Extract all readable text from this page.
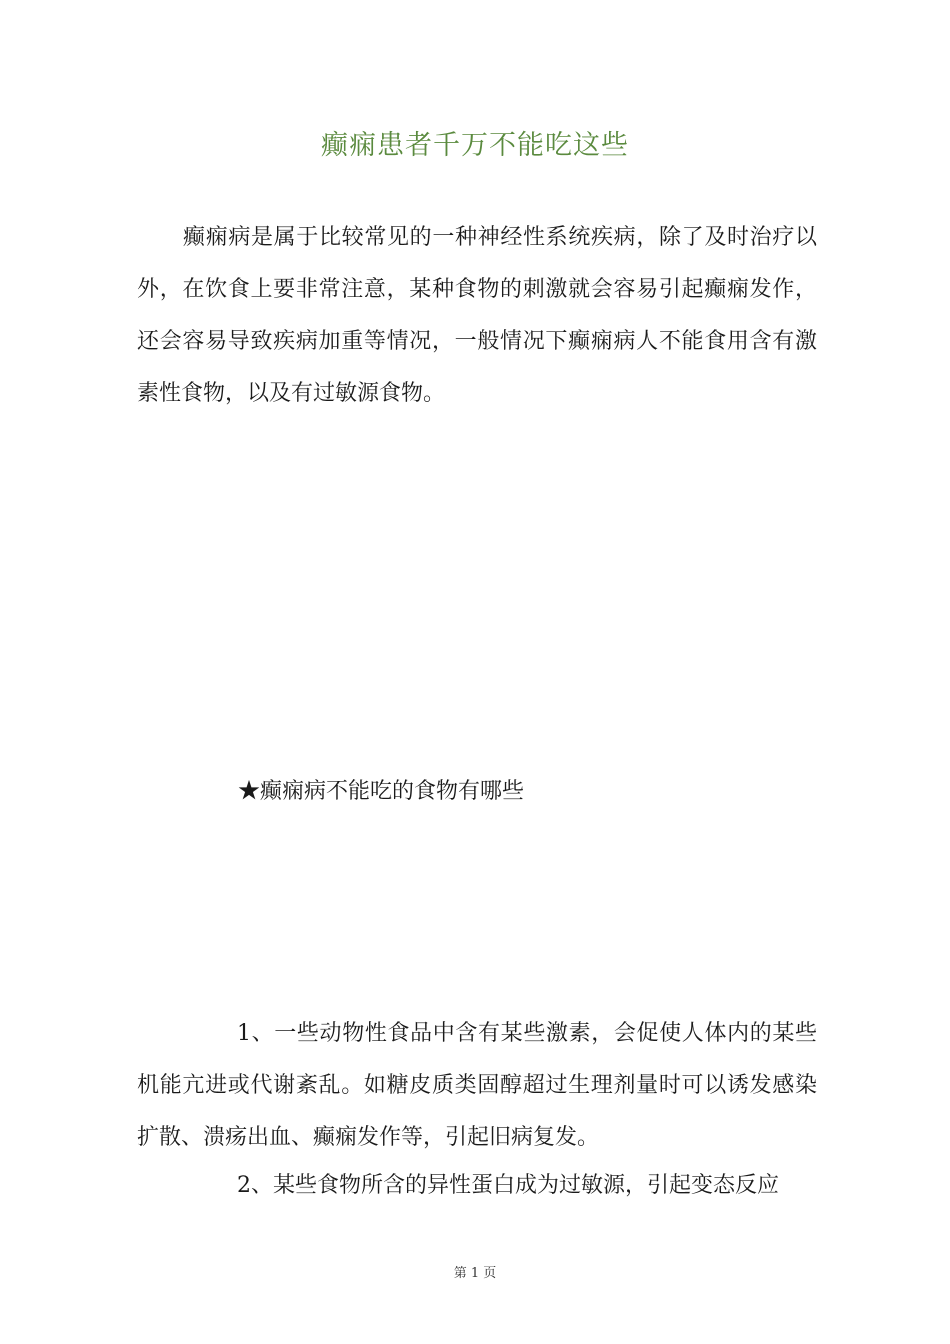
癫痫患者千万不能吃这些

癫痫病是属于比较常见的一种神经性系统疾病，除了及时治疗以外，在饮食上要非常注意，某种食物的刺激就会容易引起癫痫发作，还会容易导致疾病加重等情况，一般情况下癫痫病人不能食用含有激素性食物，以及有过敏源食物。

★癫痫病不能吃的食物有哪些

1、一些动物性食品中含有某些激素，会促使人体内的某些机能亢进或代谢紊乱。如糖皮质类固醇超过生理剂量时可以诱发感染扩散、溃疡出血、癫痫发作等，引起旧病复发。

2、某些食物所含的异性蛋白成为过敏源，引起变态反应

第 1 页
